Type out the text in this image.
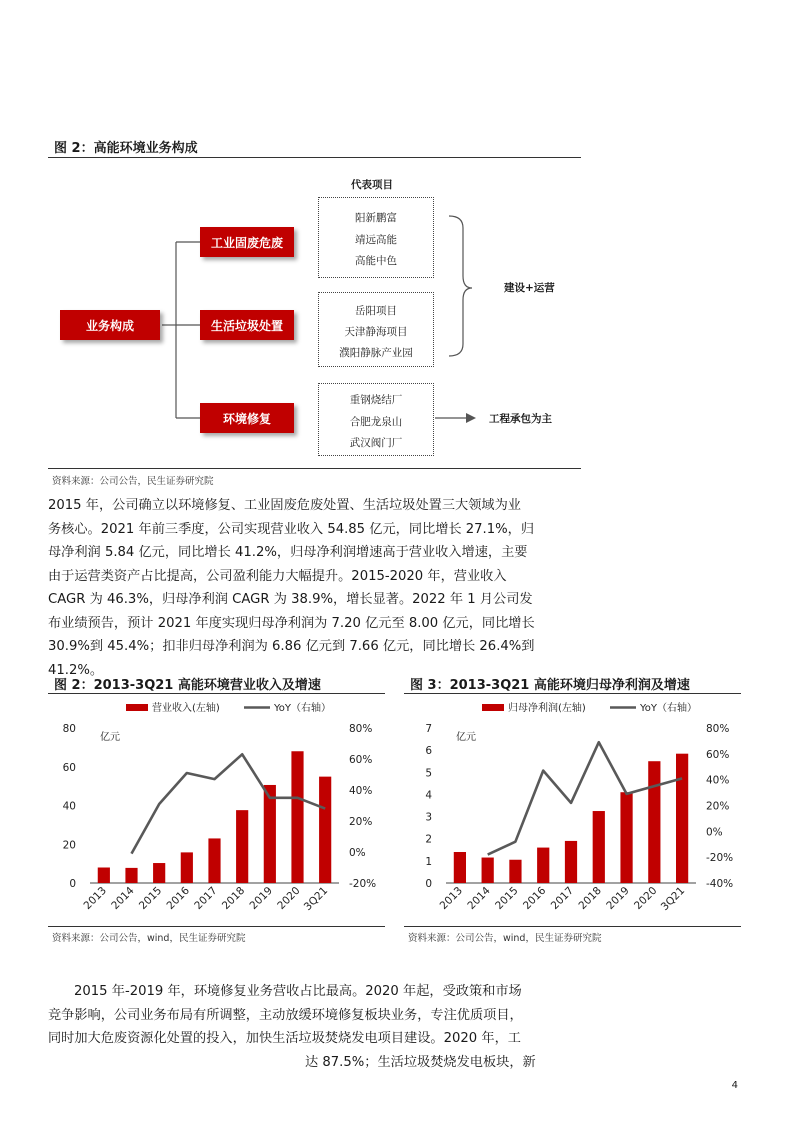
图 2：高能环境业务构成
业务构成
工业固废危废
生活垃圾处置
环境修复
代表项目
阳新鹏富
靖远高能
高能中色
岳阳项目
天津静海项目
濮阳静脉产业园
重钢烧结厂
合肥龙泉山
武汉阀门厂
建设+运营
工程承包为主
资料来源：公司公告，民生证券研究院

2015 年，公司确立以环境修复、工业固废危废处置、生活垃圾处置三大领域为业

务核心。2021 年前三季度，公司实现营业收入 54.85 亿元，同比增长 27.1%，归

母净利润 5.84 亿元，同比增长 41.2%，归母净利润增速高于营业收入增速，主要

由于运营类资产占比提高，公司盈利能力大幅提升。2015-2020 年，营业收入

CAGR 为 46.3%，归母净利润 CAGR 为 38.9%，增长显著。2022 年 1 月公司发

布业绩预告，预计 2021 年度实现归母净利润为 7.20 亿元至 8.00 亿元，同比增长

30.9%到 45.4%；扣非归母净利润为 6.86 亿元到 7.66 亿元，同比增长 26.4%到

41.2%。

图 2：2013-3Q21 高能环境营业收入及增速
营业收入(左轴)	YoY（右轴）
亿元
0
20
40
60
80
-20%
0%
20%
40%
60%
80%
2013 2014 2015 2016 2017 2018 2019 2020 3Q21
资料来源：公司公告，wind，民生证券研究院
图 3：2013-3Q21 高能环境归母净利润及增速
归母净利润(左轴)	YoY（右轴）
亿元
0
1
2
3
4
5
6
7
-40%
-20%
0%
20%
40%
60%
80%
2013 2014 2015 2016 2017 2018 2019 2020 3Q21
资料来源：公司公告，wind，民生证券研究院

2015 年-2019 年，环境修复业务营收占比最高。2020 年起，受政策和市场

竞争影响，公司业务布局有所调整，主动放缓环境修复板块业务，专注优质项目，

同时加大危废资源化处置的投入，加快生活垃圾焚烧发电项目建设。2020 年，工

达 87.5%；生活垃圾焚烧发电板块，新

4
